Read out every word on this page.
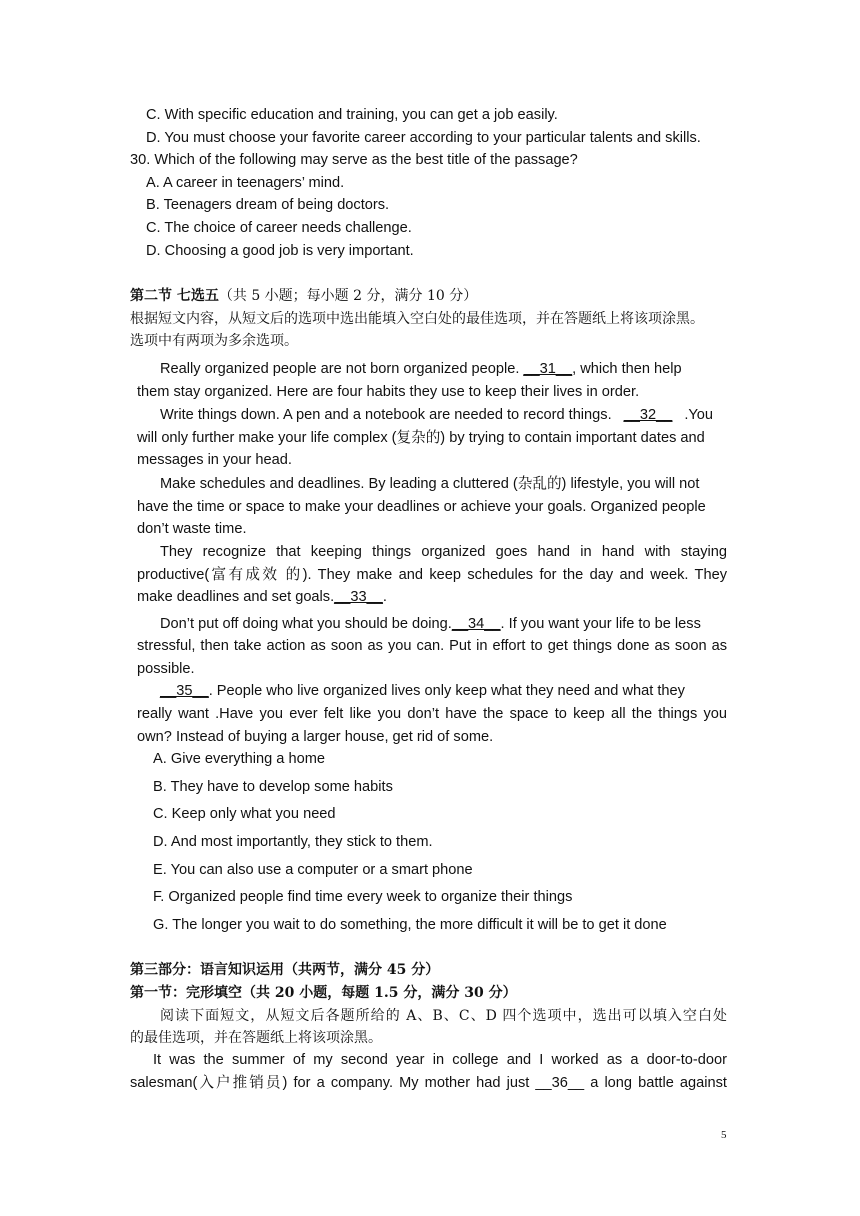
C. With specific education and training, you can get a job easily.
D. You must choose your favorite career according to your particular talents and skills.
30. Which of the following may serve as the best title of the passage?
A. A career in teenagers’ mind.
B. Teenagers dream of being doctors.
C. The choice of career needs challenge.
D. Choosing a good job is very important.
第二节 七选五（共 5 小题；每小题 2 分，满分 10 分）
根据短文内容，从短文后的选项中选出能填入空白处的最佳选项，并在答题纸上将该项涂黑。
选项中有两项为多余选项。
Really organized people are not born organized people. __31__, which then help
them stay organized. Here are four habits they use to keep their lives in order.
Write things down. A pen and a notebook are needed to record things. __32__ .You
will only further make your life complex (复杂的) by trying to contain important dates and
messages in your head.
Make schedules and deadlines. By leading a cluttered (杂乱的) lifestyle, you will not
have the time or space to make your deadlines or achieve your goals. Organized people
don’t waste time.
They recognize that keeping things organized goes hand in hand with staying
productive(富有成效 的). They make and keep schedules for the day and week. They
make deadlines and set goals.__33__.
Don’t put off doing what you should be doing.__34__. If you want your life to be less
stressful, then take action as soon as you can. Put in effort to get things done as soon as
possible.
__35__. People who live organized lives only keep what they need and what they
really want .Have you ever felt like you don’t have the space to keep all the things you
own? Instead of buying a larger house, get rid of some.
A. Give everything a home
B. They have to develop some habits
C. Keep only what you need
D. And most importantly, they stick to them.
E. You can also use a computer or a smart phone
F. Organized people find time every week to organize their things
G. The longer you wait to do something, the more difficult it will be to get it done
第三部分：语言知识运用（共两节，满分 45 分）
第一节：完形填空（共 20 小题，每题 1.5 分，满分 30 分）
阅读下面短文，从短文后各题所给的 A、B、C、D 四个选项中，选出可以填入空白处
的最佳选项，并在答题纸上将该项涂黑。
It was the summer of my second year in college and I worked as a door-to-door
salesman(入户推销员) for a company. My mother had just __36__ a long battle against
5
